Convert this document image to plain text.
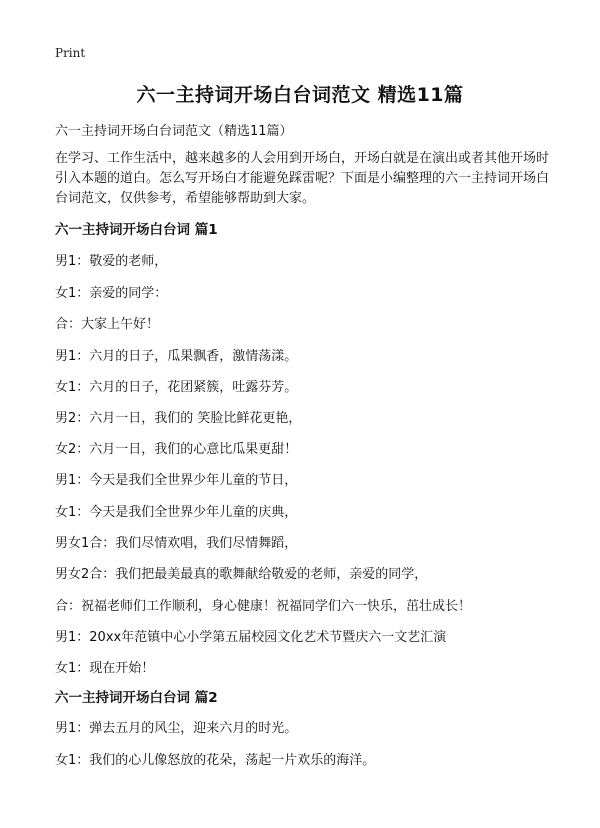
Print
六一主持词开场白台词范文 精选11篇
六一主持词开场白台词范文（精选11篇）
在学习、工作生活中，越来越多的人会用到开场白，开场白就是在演出或者其他开场时引入本题的道白。怎么写开场白才能避免踩雷呢？下面是小编整理的六一主持词开场白台词范文，仅供参考，希望能够帮助到大家。
六一主持词开场白台词 篇1
男1：敬爱的老师，
女1：亲爱的同学：
合：大家上午好！
男1：六月的日子，瓜果飘香，激情荡漾。
女1：六月的日子，花团紧簇，吐露芬芳。
男2：六月一日，我们的 笑脸比鲜花更艳，
女2：六月一日，我们的心意比瓜果更甜！
男1：今天是我们全世界少年儿童的节日，
女1：今天是我们全世界少年儿童的庆典，
男女1合：我们尽情欢唱，我们尽情舞蹈，
男女2合：我们把最美最真的歌舞献给敬爱的老师，亲爱的同学，
合：祝福老师们工作顺利，身心健康！祝福同学们六一快乐，茁壮成长！
男1：20xx年范镇中心小学第五届校园文化艺术节暨庆六一文艺汇演
女1：现在开始！
六一主持词开场白台词 篇2
男1：弹去五月的风尘，迎来六月的时光。
女1：我们的心儿像怒放的花朵，荡起一片欢乐的海洋。
